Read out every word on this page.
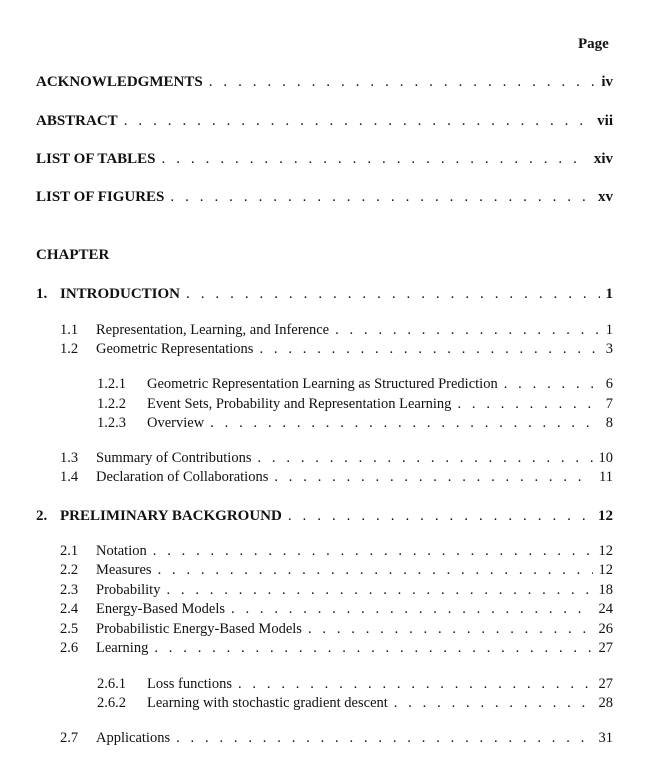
Page
ACKNOWLEDGMENTS . . .	iv
ABSTRACT . . .	vii
LIST OF TABLES . . .	xiv
LIST OF FIGURES . . .	xv
CHAPTER
1. INTRODUCTION . . .	1
1.1	Representation, Learning, and Inference . . .	1
1.2	Geometric Representations . . .	3
1.2.1	Geometric Representation Learning as Structured Prediction . . .	6
1.2.2	Event Sets, Probability and Representation Learning . . .	7
1.2.3	Overview . . .	8
1.3	Summary of Contributions . . .	10
1.4	Declaration of Collaborations . . .	11
2. PRELIMINARY BACKGROUND . . .	12
2.1	Notation . . .	12
2.2	Measures . . .	12
2.3	Probability . . .	18
2.4	Energy-Based Models . . .	24
2.5	Probabilistic Energy-Based Models . . .	26
2.6	Learning . . .	27
2.6.1	Loss functions . . .	27
2.6.2	Learning with stochastic gradient descent . . .	28
2.7	Applications . . .	31
